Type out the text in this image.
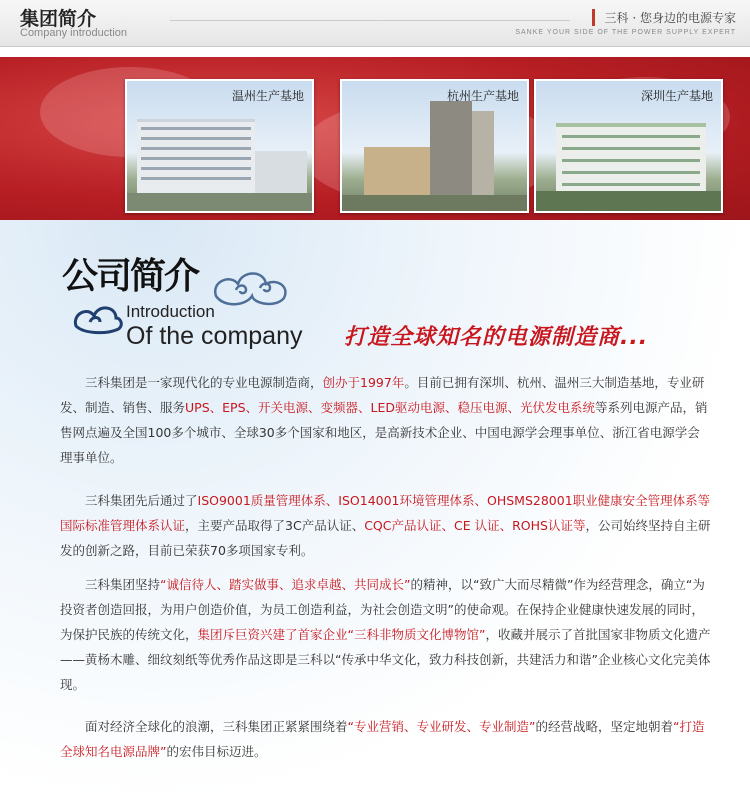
集团简介
Company introduction
三科 · 您身边的电源专家
SANKE YOUR SIDE OF THE POWER SUPPLY EXPERT
温州生产基地	杭州生产基地	深圳生产基地
公司简介
Introduction
Of the company 打造全球知名的电源制造商...

三科集团是一家现代化的专业电源制造商，创办于1997年。目前已拥有深圳、杭州、温州三大制造基地，专业研发、制造、销售、服务UPS、EPS、开关电源、变频器、LED驱动电源、稳压电源、光伏发电系统等系列电源产品，销售网点遍及全国100多个城市、全球30多个国家和地区，是高新技术企业、中国电源学会理事单位、浙江省电源学会理事单位。

三科集团先后通过了ISO9001质量管理体系、ISO14001环境管理体系、OHSMS28001职业健康安全管理体系等国际标准管理体系认证，主要产品取得了3C产品认证、CQC产品认证、CE 认证、ROHS认证等，公司始终坚持自主研发的创新之路，目前已荣获70多项国家专利。

三科集团坚持“诚信待人、踏实做事、追求卓越、共同成长”的精神，以“致广大而尽精微”作为经营理念，确立“为投资者创造回报，为用户创造价值，为员工创造利益，为社会创造文明”的使命观。在保持企业健康快速发展的同时，为保护民族的传统文化，集团斥巨资兴建了首家企业“三科非物质文化博物馆”，收藏并展示了首批国家非物质文化遗产——黄杨木雕、细纹刻纸等优秀作品这即是三科以“传承中华文化，致力科技创新，共建活力和谐”企业核心文化完美体现。

面对经济全球化的浪潮，三科集团正紧紧围绕着“专业营销、专业研发、专业制造”的经营战略，坚定地朝着“打造全球知名电源品牌”的宏伟目标迈进。
